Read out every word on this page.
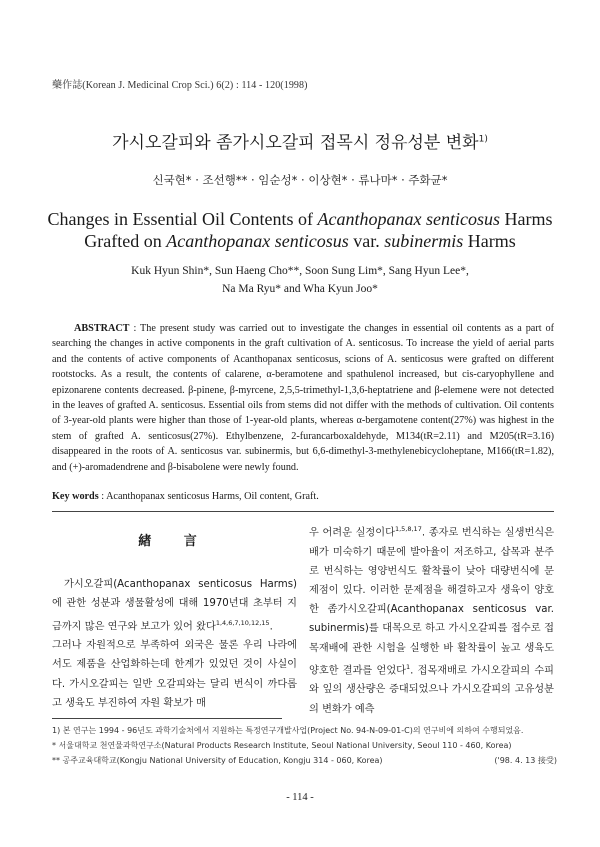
藥作誌(Korean J. Medicinal Crop Sci.) 6(2) : 114 - 120(1998)
가시오갈피와 좀가시오갈피 접목시 정유성분 변화$^{1)}$
신국현* · 조선행** · 임순성* · 이상현* · 류나마* · 주화균*
Changes in Essential Oil Contents of Acanthopanax senticosus Harms
Grafted on Acanthopanax senticosus var. subinermis Harms
Kuk Hyun Shin*, Sun Haeng Cho**, Soon Sung Lim*, Sang Hyun Lee*,
Na Ma Ryu* and Wha Kyun Joo*
ABSTRACT : The present study was carried out to investigate the changes in essential oil contents as a part of searching the changes in active components in the graft cultivation of A. senticosus. To increase the yield of aerial parts and the contents of active components of Acanthopanax senticosus, scions of A. senticosus were grafted on different rootstocks. As a result, the contents of calarene, α-beramotene and spathulenol increased, but cis-caryophyllene and epizonarene contents decreased. β-pinene, β-myrcene, 2,5,5-trimethyl-1,3,6-heptatriene and β-elemene were not detected in the leaves of grafted A. senticosus. Essential oils from stems did not differ with the methods of cultivation. Oil contents of 3-year-old plants were higher than those of 1-year-old plants, whereas α-bergamotene content(27%) was highest in the stem of grafted A. senticosus(27%). Ethylbenzene, 2-furancarboxaldehyde, M134(tR=2.11) and M205(tR=3.16) disappeared in the roots of A. senticosus var. subinermis, but 6,6-dimethyl-3-methylenebicycloheptane, M166(tR=1.82), and (+)-aromadendrene and β-bisabolene were newly found.
Key words : Acanthopanax senticosus Harms, Oil content, Graft.
緖 言

가시오갈피(Acanthopanax senticosus Harms)에 관한 성분과 생물활성에 대해 1970년대 초부터 지금까지 많은 연구와 보고가 있어 왔다$^{1,4,6,7,10,12,15}$.

그러나 자원적으로 부족하여 외국은 물론 우리 나라에서도 제품을 산업화하는데 한계가 있었던 것이 사실이다. 가시오갈피는 일반 오갈피와는 달리 번식이 까다롭고 생육도 부진하여 자원 확보가 매

우 어려운 실정이다$^{1,5,8,17}$. 종자로 번식하는 실생번식은 배가 미숙하기 때문에 발아율이 저조하고, 삽목과 분주로 번식하는 영양번식도 활착률이 낮아 대량번식에 문제점이 있다. 이러한 문제점을 해결하고자 생육이 양호한 좀가시오갈피(Acanthopanax senticosus var. subinermis)를 대목으로 하고 가시오갈피를 접수로 접목재배에 관한 시험을 실행한 바 활착률이 높고 생육도 양호한 결과를 얻었다$^1$. 접목재배로 가시오갈피의 수피와 잎의 생산량은 증대되었으나 가시오갈피의 고유성분의 변화가 예측

1) 본 연구는 1994 - 96년도 과학기술처에서 지원하는 특정연구개발사업(Project No. 94-N-09-01-C)의 연구비에 의하여 수행되었음.
* 서울대학교 천연물과학연구소(Natural Products Research Institute, Seoul National University, Seoul 110 - 460, Korea)
** 공주교육대학교(Kongju National University of Education, Kongju 314 - 060, Korea)	('98. 4. 13 接受)
- 114 -
